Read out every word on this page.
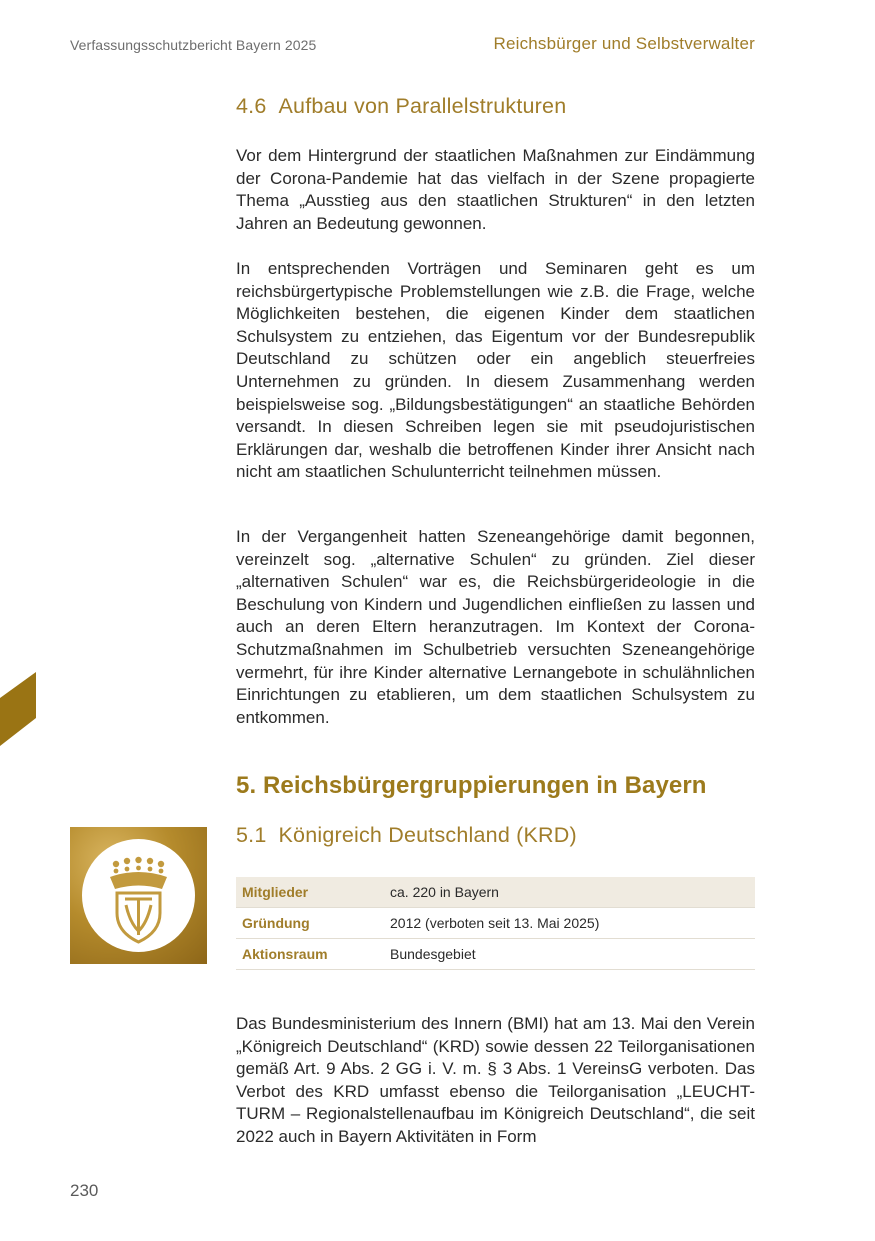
Verfassungsschutzbericht Bayern 2025	Reichsbürger und Selbstverwalter
4.6 Aufbau von Parallelstrukturen

Vor dem Hintergrund der staatlichen Maßnahmen zur Eindämmung der Corona-Pandemie hat das vielfach in der Szene propagierte Thema „Ausstieg aus den staatlichen Strukturen“ in den letzten Jahren an Bedeutung gewonnen.

In entsprechenden Vorträgen und Seminaren geht es um reichsbürgertypische Problemstellungen wie z.B. die Frage, welche Möglichkeiten bestehen, die eigenen Kinder dem staatlichen Schulsystem zu entziehen, das Eigentum vor der Bundesrepublik Deutschland zu schützen oder ein angeblich steuerfreies Unternehmen zu gründen. In diesem Zusammenhang werden beispielsweise sog. „Bildungsbestätigungen“ an staatliche Behörden versandt. In diesen Schreiben legen sie mit pseudojuristischen Erklärungen dar, weshalb die betroffenen Kinder ihrer Ansicht nach nicht am staatlichen Schulunterricht teilnehmen müssen.

In der Vergangenheit hatten Szeneangehörige damit begonnen, vereinzelt sog. „alternative Schulen“ zu gründen. Ziel dieser „alternativen Schulen“ war es, die Reichsbürgerideologie in die Beschulung von Kindern und Jugendlichen einfließen zu lassen und auch an deren Eltern heranzutragen. Im Kontext der Corona-Schutzmaßnahmen im Schulbetrieb versuchten Szeneangehörige vermehrt, für ihre Kinder alternative Lernangebote in schulähnlichen Einrichtungen zu etablieren, um dem staatlichen Schulsystem zu entkommen.

5. Reichsbürgergruppierungen in Bayern
5.1 Königreich Deutschland (KRD)
Mitglieder	ca. 220 in Bayern
Gründung	2012 (verboten seit 13. Mai 2025)
Aktionsraum	Bundesgebiet

Das Bundesministerium des Innern (BMI) hat am 13. Mai den Verein „Königreich Deutschland“ (KRD) sowie dessen 22 Teilorganisationen gemäß Art. 9 Abs. 2 GG i. V. m. § 3 Abs. 1 VereinsG verboten. Das Verbot des KRD umfasst ebenso die Teilorganisation „LEUCHT-TURM – Regionalstellenaufbau im Königreich Deutschland“, die seit 2022 auch in Bayern Aktivitäten in Form

230
